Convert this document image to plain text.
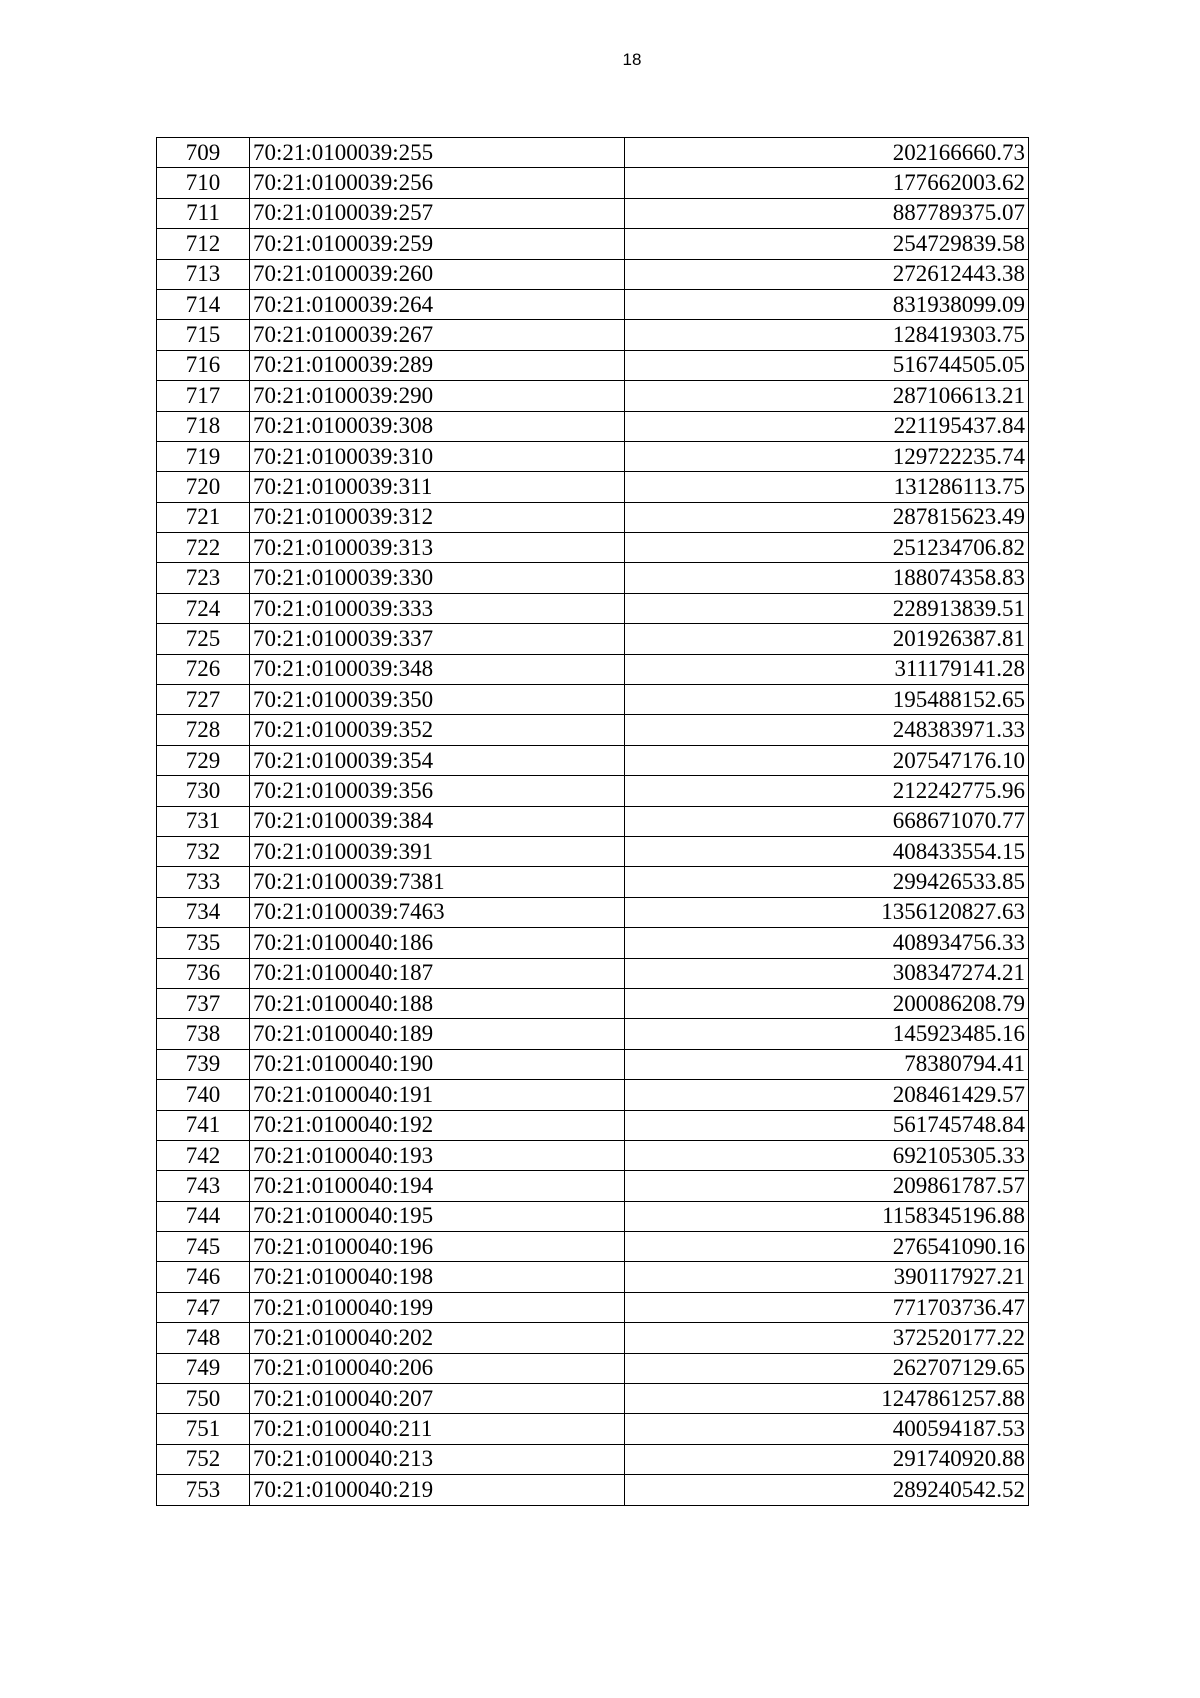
18
709	70:21:0100039:255	202166660.73
710	70:21:0100039:256	177662003.62
711	70:21:0100039:257	887789375.07
712	70:21:0100039:259	254729839.58
713	70:21:0100039:260	272612443.38
714	70:21:0100039:264	831938099.09
715	70:21:0100039:267	128419303.75
716	70:21:0100039:289	516744505.05
717	70:21:0100039:290	287106613.21
718	70:21:0100039:308	221195437.84
719	70:21:0100039:310	129722235.74
720	70:21:0100039:311	131286113.75
721	70:21:0100039:312	287815623.49
722	70:21:0100039:313	251234706.82
723	70:21:0100039:330	188074358.83
724	70:21:0100039:333	228913839.51
725	70:21:0100039:337	201926387.81
726	70:21:0100039:348	311179141.28
727	70:21:0100039:350	195488152.65
728	70:21:0100039:352	248383971.33
729	70:21:0100039:354	207547176.10
730	70:21:0100039:356	212242775.96
731	70:21:0100039:384	668671070.77
732	70:21:0100039:391	408433554.15
733	70:21:0100039:7381	299426533.85
734	70:21:0100039:7463	1356120827.63
735	70:21:0100040:186	408934756.33
736	70:21:0100040:187	308347274.21
737	70:21:0100040:188	200086208.79
738	70:21:0100040:189	145923485.16
739	70:21:0100040:190	78380794.41
740	70:21:0100040:191	208461429.57
741	70:21:0100040:192	561745748.84
742	70:21:0100040:193	692105305.33
743	70:21:0100040:194	209861787.57
744	70:21:0100040:195	1158345196.88
745	70:21:0100040:196	276541090.16
746	70:21:0100040:198	390117927.21
747	70:21:0100040:199	771703736.47
748	70:21:0100040:202	372520177.22
749	70:21:0100040:206	262707129.65
750	70:21:0100040:207	1247861257.88
751	70:21:0100040:211	400594187.53
752	70:21:0100040:213	291740920.88
753	70:21:0100040:219	289240542.52
